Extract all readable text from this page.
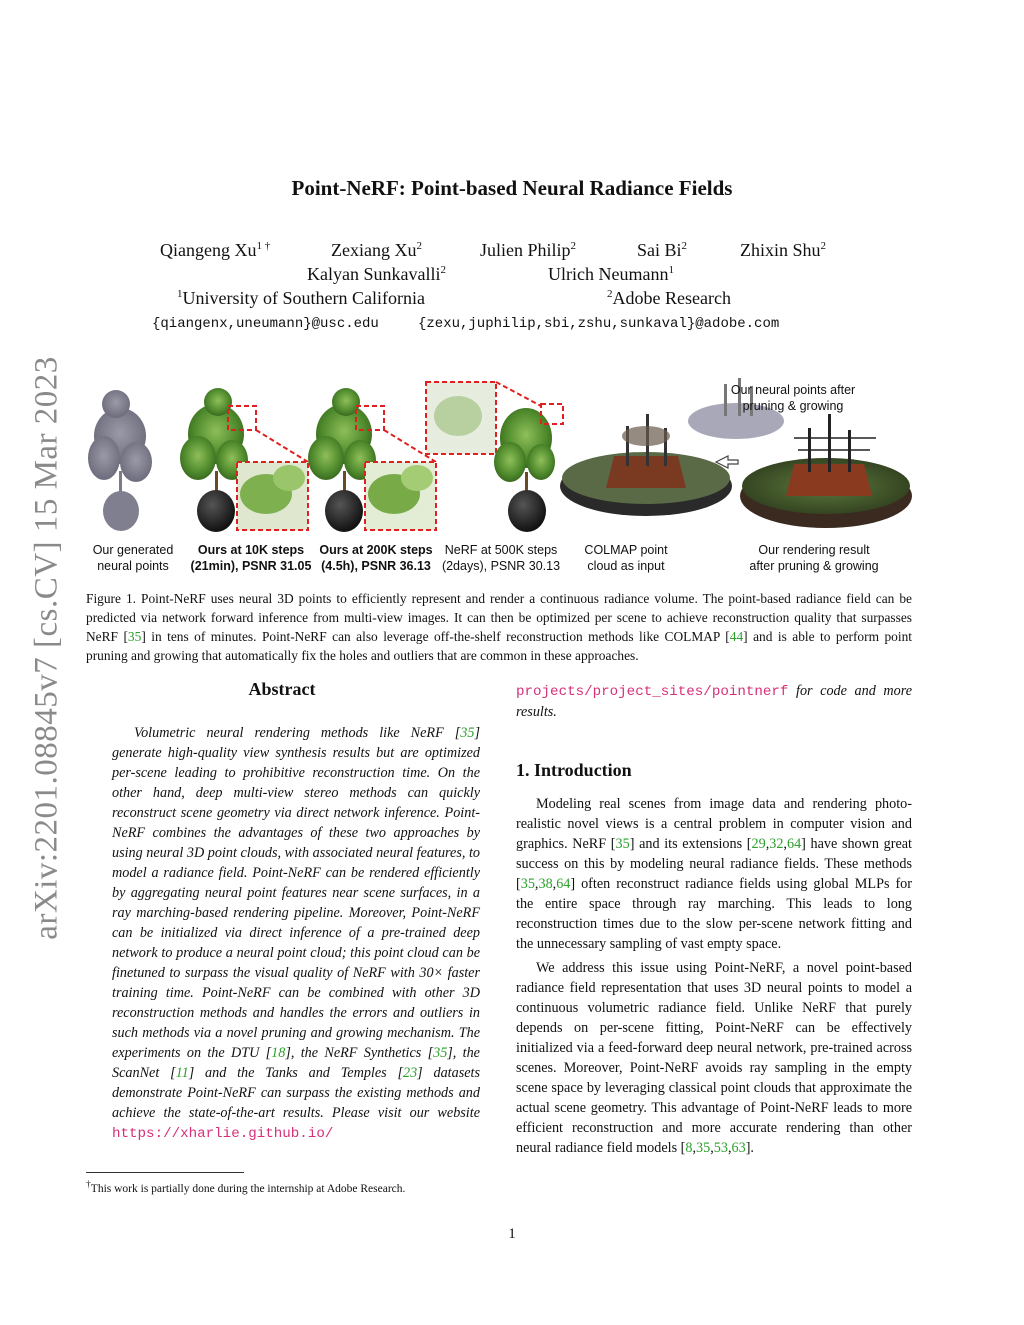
arXiv:2201.08845v7 [cs.CV] 15 Mar 2023
Point-NeRF: Point-based Neural Radiance Fields
Qiangeng $Xu^{1 \dagger}$	Zexiang Xu$^2$	Julien Philip$^2$	Sai Bi$^2$	Zhixin Shu$^2$
Kalyan Sunkavalli$^2$	Ulrich Neumann$^1$
$^1$University of Southern California	$^2$Adobe Research
{qiangenx,uneumann}@usc.edu	{zexu,juphilip,sbi,zshu,sunkaval}@adobe.com
Our neural points after
pruning & growing
Our generated
neural points
Ours at 10K steps
(21min), PSNR 31.05
Ours at 200K steps
(4.5h), PSNR 36.13
NeRF at 500K steps
(2days), PSNR 30.13
COLMAP point
cloud as input
Our rendering result
after pruning & growing
Figure 1. Point-NeRF uses neural 3D points to efficiently represent and render a continuous radiance volume. The point-based radiance field can be predicted via network forward inference from multi-view images. It can then be optimized per scene to achieve reconstruction quality that surpasses NeRF [35] in tens of minutes. Point-NeRF can also leverage off-the-shelf reconstruction methods like COLMAP [44] and is able to perform point pruning and growing that automatically fix the holes and outliers that are common in these approaches.
Abstract
Volumetric neural rendering methods like NeRF [35] generate high-quality view synthesis results but are optimized per-scene leading to prohibitive reconstruction time. On the other hand, deep multi-view stereo methods can quickly reconstruct scene geometry via direct network inference. Point-NeRF combines the advantages of these two approaches by using neural 3D point clouds, with associated neural features, to model a radiance field. Point-NeRF can be rendered efficiently by aggregating neural point features near scene surfaces, in a ray marching-based rendering pipeline. Moreover, Point-NeRF can be initialized via direct inference of a pre-trained deep network to produce a neural point cloud; this point cloud can be finetuned to surpass the visual quality of NeRF with 30× faster training time. Point-NeRF can be combined with other 3D reconstruction methods and handles the errors and outliers in such methods via a novel pruning and growing mechanism. The experiments on the DTU [18], the NeRF Synthetics [35], the ScanNet [11] and the Tanks and Temples [23] datasets demonstrate Point-NeRF can surpass the existing methods and achieve the state-of-the-art results. Please visit our website https://xharlie.github.io/
projects/project_sites/pointnerf for code and more results.
1. Introduction

Modeling real scenes from image data and rendering photo-realistic novel views is a central problem in computer vision and graphics. NeRF [35] and its extensions [29,32,64] have shown great success on this by modeling neural radiance fields. These methods [35,38,64] often reconstruct radiance fields using global MLPs for the entire space through ray marching. This leads to long reconstruction times due to the slow per-scene network fitting and the unnecessary sampling of vast empty space.

We address this issue using Point-NeRF, a novel point-based radiance field representation that uses 3D neural points to model a continuous volumetric radiance field. Unlike NeRF that purely depends on per-scene fitting, Point-NeRF can be effectively initialized via a feed-forward deep neural network, pre-trained across scenes. Moreover, Point-NeRF avoids ray sampling in the empty scene space by leveraging classical point clouds that approximate the actual scene geometry. This advantage of Point-NeRF leads to more efficient reconstruction and more accurate rendering than other neural radiance field models [8,35,53,63].

†This work is partially done during the internship at Adobe Research.
1
